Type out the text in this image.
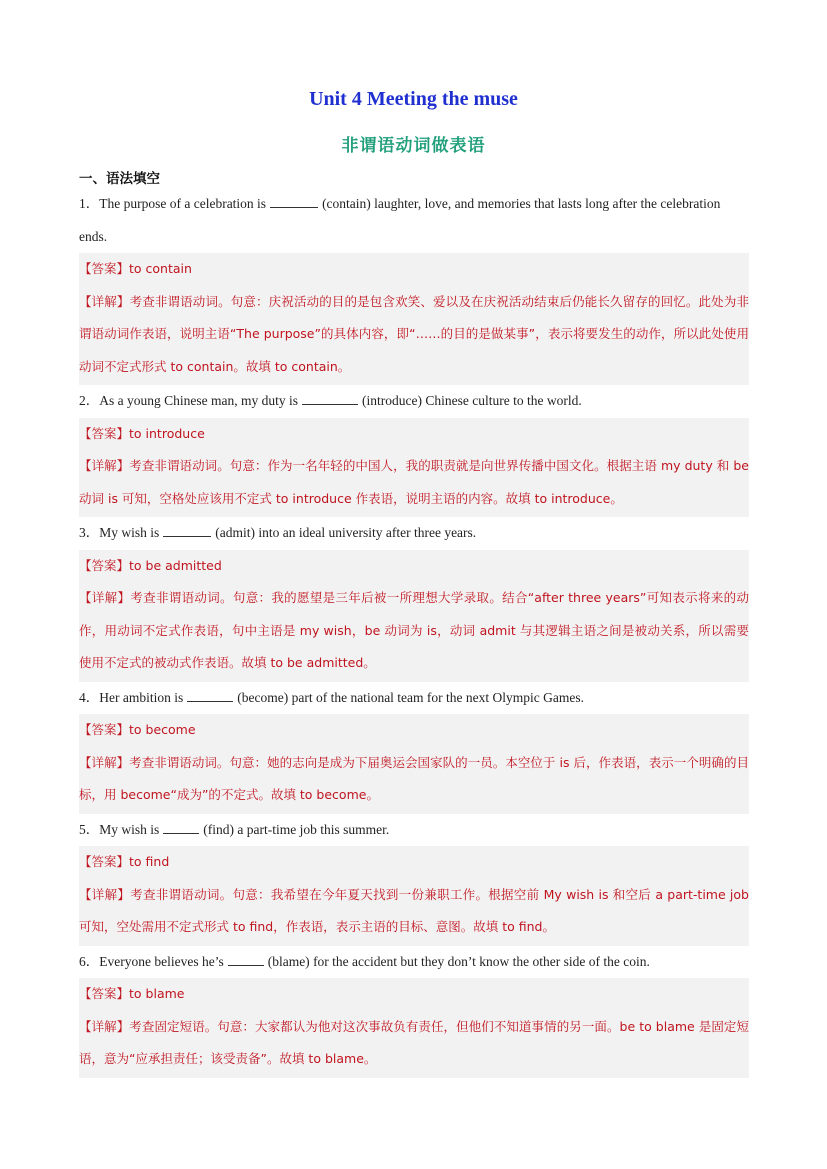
Unit 4 Meeting the muse
非谓语动词做表语
一、语法填空

1．The purpose of a celebration is	(contain) laughter, love, and memories that lasts long after the celebration ends.

【答案】to contain

【详解】考查非谓语动词。句意：庆祝活动的目的是包含欢笑、爱以及在庆祝活动结束后仍能长久留存的回忆。此处为非谓语动词作表语，说明主语“The purpose”的具体内容，即“……的目的是做某事”，表示将要发生的动作，所以此处使用动词不定式形式 to contain。故填 to contain。

2．As a young Chinese man, my duty is	(introduce) Chinese culture to the world.

【答案】to introduce

【详解】考查非谓语动词。句意：作为一名年轻的中国人，我的职责就是向世界传播中国文化。根据主语 my duty 和 be 动词 is 可知，空格处应该用不定式 to introduce 作表语，说明主语的内容。故填 to introduce。

3．My wish is	(admit) into an ideal university after three years.

【答案】to be admitted

【详解】考查非谓语动词。句意：我的愿望是三年后被一所理想大学录取。结合“after three years”可知表示将来的动作，用动词不定式作表语，句中主语是 my wish，be 动词为 is，动词 admit 与其逻辑主语之间是被动关系，所以需要使用不定式的被动式作表语。故填 to be admitted。

4．Her ambition is	(become) part of the national team for the next Olympic Games.

【答案】to become

【详解】考查非谓语动词。句意：她的志向是成为下届奥运会国家队的一员。本空位于 is 后，作表语，表示一个明确的目标，用 become“成为”的不定式。故填 to become。

5．My wish is	(find) a part-time job this summer.

【答案】to find

【详解】考查非谓语动词。句意：我希望在今年夏天找到一份兼职工作。根据空前 My wish is 和空后 a part-time job 可知，空处需用不定式形式 to find，作表语，表示主语的目标、意图。故填 to find。

6．Everyone believes he’s	(blame) for the accident but they don’t know the other side of the coin.

【答案】to blame

【详解】考查固定短语。句意：大家都认为他对这次事故负有责任，但他们不知道事情的另一面。be to blame 是固定短语，意为“应承担责任；该受责备”。故填 to blame。
